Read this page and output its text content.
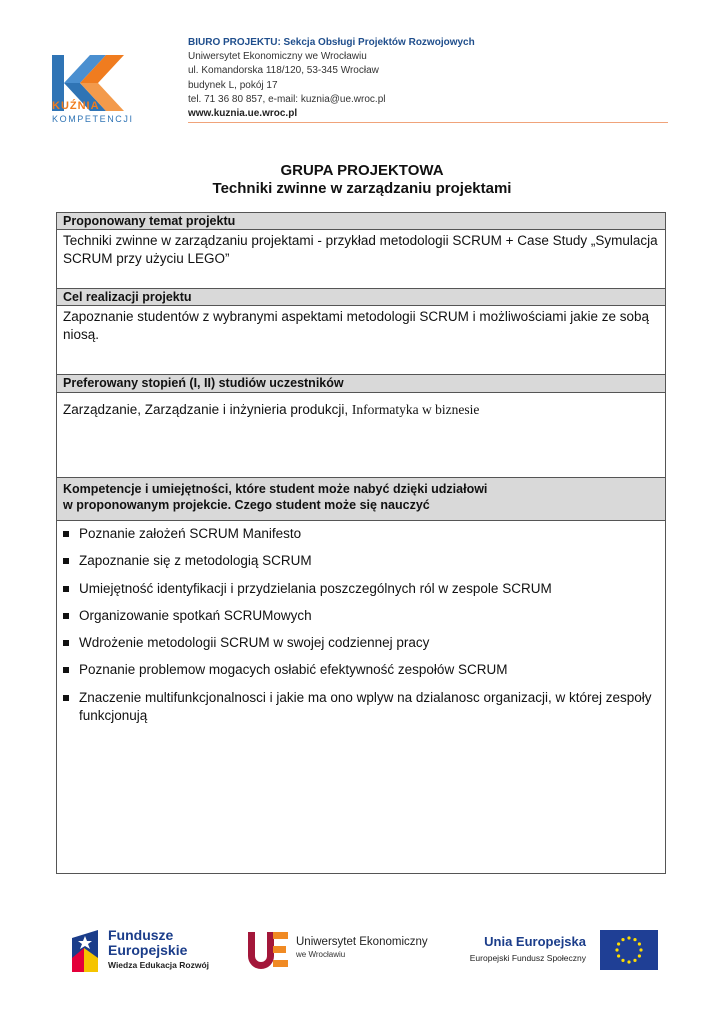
KUŹNIA
KOMPETENCJI
BIURO PROJEKTU: Sekcja Obsługi Projektów Rozwojowych
Uniwersytet Ekonomiczny we Wrocławiu
ul. Komandorska 118/120, 53-345 Wrocław
budynek L, pokój 17
tel. 71 36 80 857, e-mail: kuznia@ue.wroc.pl
www.kuznia.ue.wroc.pl
GRUPA PROJEKTOWA
Techniki zwinne w zarządzaniu projektami
Proponowany temat projektu
Techniki zwinne w zarządzaniu projektami - przykład metodologii SCRUM + Case Study „Symulacja SCRUM przy użyciu LEGO”
Cel realizacji projektu
Zapoznanie studentów z wybranymi aspektami metodologii SCRUM i możliwościami jakie ze sobą niosą.
Preferowany stopień (I, II) studiów uczestników
Zarządzanie, Zarządzanie i inżynieria produkcji, Informatyka w biznesie
Kompetencje i umiejętności, które student może nabyć dzięki udziałowi
w proponowanym projekcie. Czego student może się nauczyć
Poznanie założeń SCRUM Manifesto
Zapoznanie się z metodologią SCRUM
Umiejętność identyfikacji i przydzielania poszczególnych ról w zespole SCRUM
Organizowanie spotkań SCRUMowych
Wdrożenie metodologii SCRUM w swojej codziennej pracy
Poznanie problemow mogacych osłabić efektywność zespołów SCRUM
Znaczenie multifunkcjonalnosci i jakie ma ono wplyw na dzialanosc organizacji, w której zespoły funkcjonują
Fundusze
Europejskie
Wiedza Edukacja Rozwój
Uniwersytet Ekonomiczny
we Wrocławiu
Unia Europejska
Europejski Fundusz Społeczny
